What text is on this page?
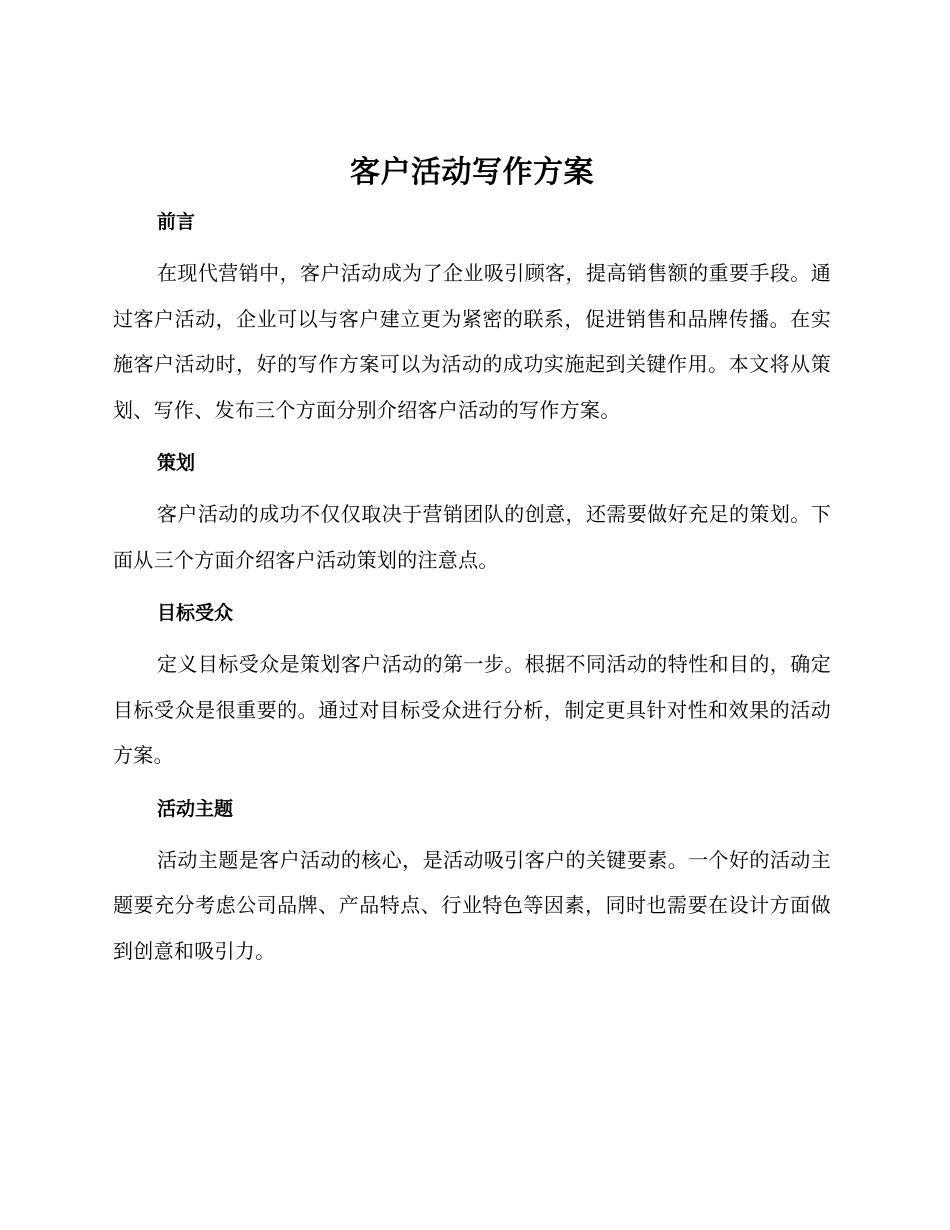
客户活动写作方案
前言

在现代营销中，客户活动成为了企业吸引顾客，提高销售额的重要手段。通过客户活动，企业可以与客户建立更为紧密的联系，促进销售和品牌传播。在实施客户活动时，好的写作方案可以为活动的成功实施起到关键作用。本文将从策划、写作、发布三个方面分别介绍客户活动的写作方案。

策划

客户活动的成功不仅仅取决于营销团队的创意，还需要做好充足的策划。下面从三个方面介绍客户活动策划的注意点。

目标受众

定义目标受众是策划客户活动的第一步。根据不同活动的特性和目的，确定目标受众是很重要的。通过对目标受众进行分析，制定更具针对性和效果的活动方案。

活动主题

活动主题是客户活动的核心，是活动吸引客户的关键要素。一个好的活动主题要充分考虑公司品牌、产品特点、行业特色等因素，同时也需要在设计方面做到创意和吸引力。
